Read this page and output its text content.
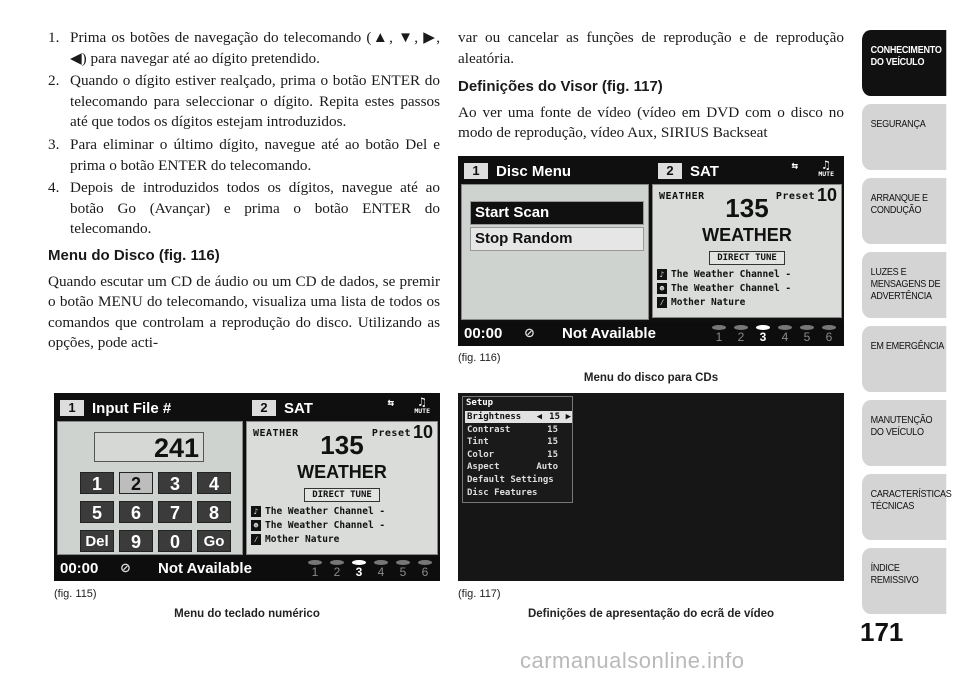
1. Prima os botões de navegação do telecomando (▲, ▼, ▶, ◀) para navegar até ao dígito pretendido.
2. Quando o dígito estiver realçado, prima o botão ENTER do telecomando para seleccionar o dígito. Repita estes passos até que todos os dígitos estejam introduzidos.
3. Para eliminar o último dígito, navegue até ao botão Del e prima o botão ENTER do telecomando.
4. Depois de introduzidos todos os dígitos, navegue até ao botão Go (Avançar) e prima o botão ENTER do telecomando.
Menu do Disco (fig. 116)

Quando escutar um CD de áudio ou um CD de dados, se premir o botão MENU do telecomando, visualiza uma lista de todos os comandos que controlam a reprodução do disco. Utilizando as opções, pode acti-

var ou cancelar as funções de reprodução e de reprodução aleatória.

Definições do Visor (fig. 117)

Ao ver uma fonte de vídeo (vídeo em DVD com o disco no modo de reprodução, vídeo Aux, SIRIUS Backseat

1	Disc Menu
Start Scan
Stop Random
2	SAT	♫
MUTE
⇆
WEATHER	Preset 10
135
WEATHER
DIRECT TUNE
♪ The Weather Channel -
☻ The Weather Channel -
⁄ Mother Nature
00:00 ⊘ Not Available	1	2	3	4	5	6
(fig. 116)
Menu do disco para CDs
1	Input File #
241
1	2	3	4
5	6	7	8
Del	9	0	Go
2	SAT	♫
MUTE
⇆
WEATHER	Preset 10
135
WEATHER
DIRECT TUNE
♪ The Weather Channel -
☻ The Weather Channel -
⁄ Mother Nature
00:00 ⊘ Not Available	1	2	3	4	5	6
(fig. 115)
Menu do teclado numérico
Setup
Brightness	15
◀	▶
Contrast	15
Tint	15
Color	15
Aspect	Auto
Default Settings
Disc Features
(fig. 117)
Definições de apresentação do ecrã de vídeo
CONHECIMENTO DO VEÍCULO
SEGURANÇA
ARRANQUE E CONDUÇÃO
LUZES E MENSAGENS DE ADVERTÊNCIA
EM EMERGÊNCIA
MANUTENÇÃO DO VEÍCULO
CARACTERÍSTICAS TÉCNICAS
ÍNDICE REMISSIVO
171
carmanualsonline.info
